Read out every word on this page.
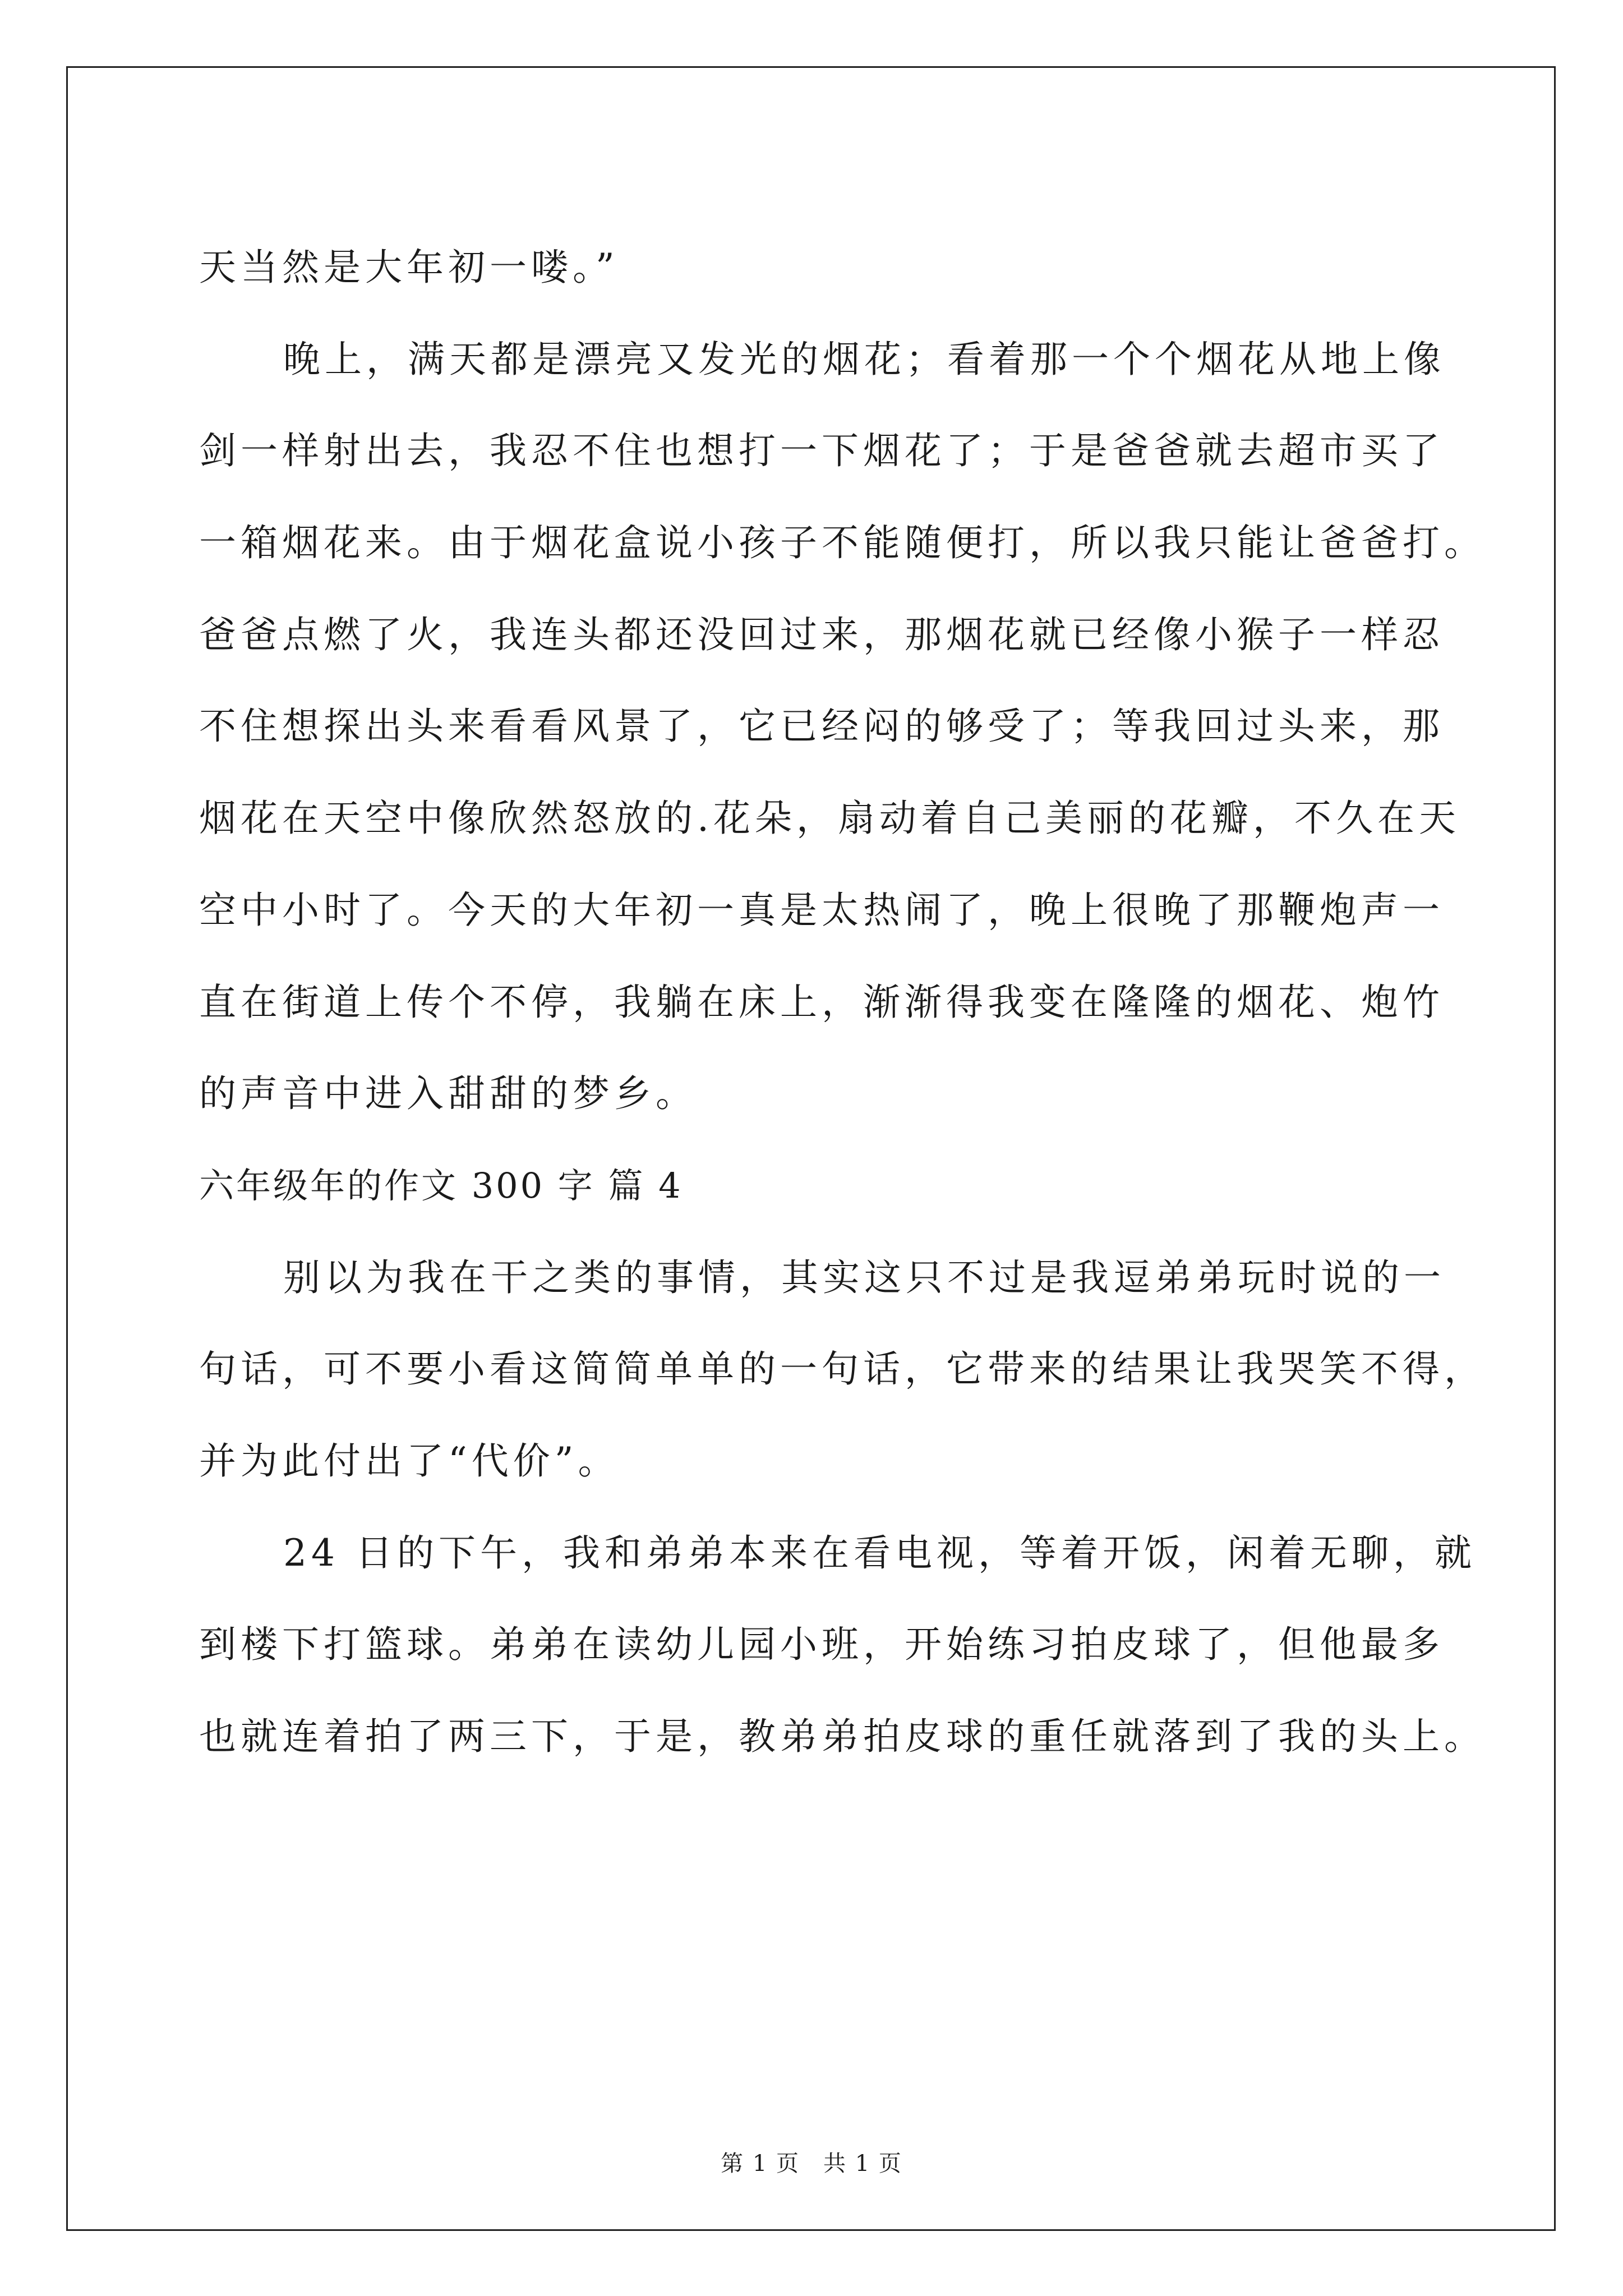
天当然是大年初一喽。”
晚上，满天都是漂亮又发光的烟花；看着那一个个烟花从地上像
剑一样射出去，我忍不住也想打一下烟花了；于是爸爸就去超市买了
一箱烟花来。由于烟花盒说小孩子不能随便打，所以我只能让爸爸打。
爸爸点燃了火，我连头都还没回过来，那烟花就已经像小猴子一样忍
不住想探出头来看看风景了，它已经闷的够受了；等我回过头来，那
烟花在天空中像欣然怒放的.花朵，扇动着自己美丽的花瓣，不久在天
空中小时了。今天的大年初一真是太热闹了，晚上很晚了那鞭炮声一
直在街道上传个不停，我躺在床上，渐渐得我变在隆隆的烟花、炮竹
的声音中进入甜甜的梦乡。
六年级年的作文 300 字 篇 4
别以为我在干之类的事情，其实这只不过是我逗弟弟玩时说的一
句话，可不要小看这简简单单的一句话，它带来的结果让我哭笑不得，
并为此付出了“代价”。
24 日的下午，我和弟弟本来在看电视，等着开饭，闲着无聊，就
到楼下打篮球。弟弟在读幼儿园小班，开始练习拍皮球了，但他最多
也就连着拍了两三下，于是，教弟弟拍皮球的重任就落到了我的头上。
第 1 页　共 1 页
